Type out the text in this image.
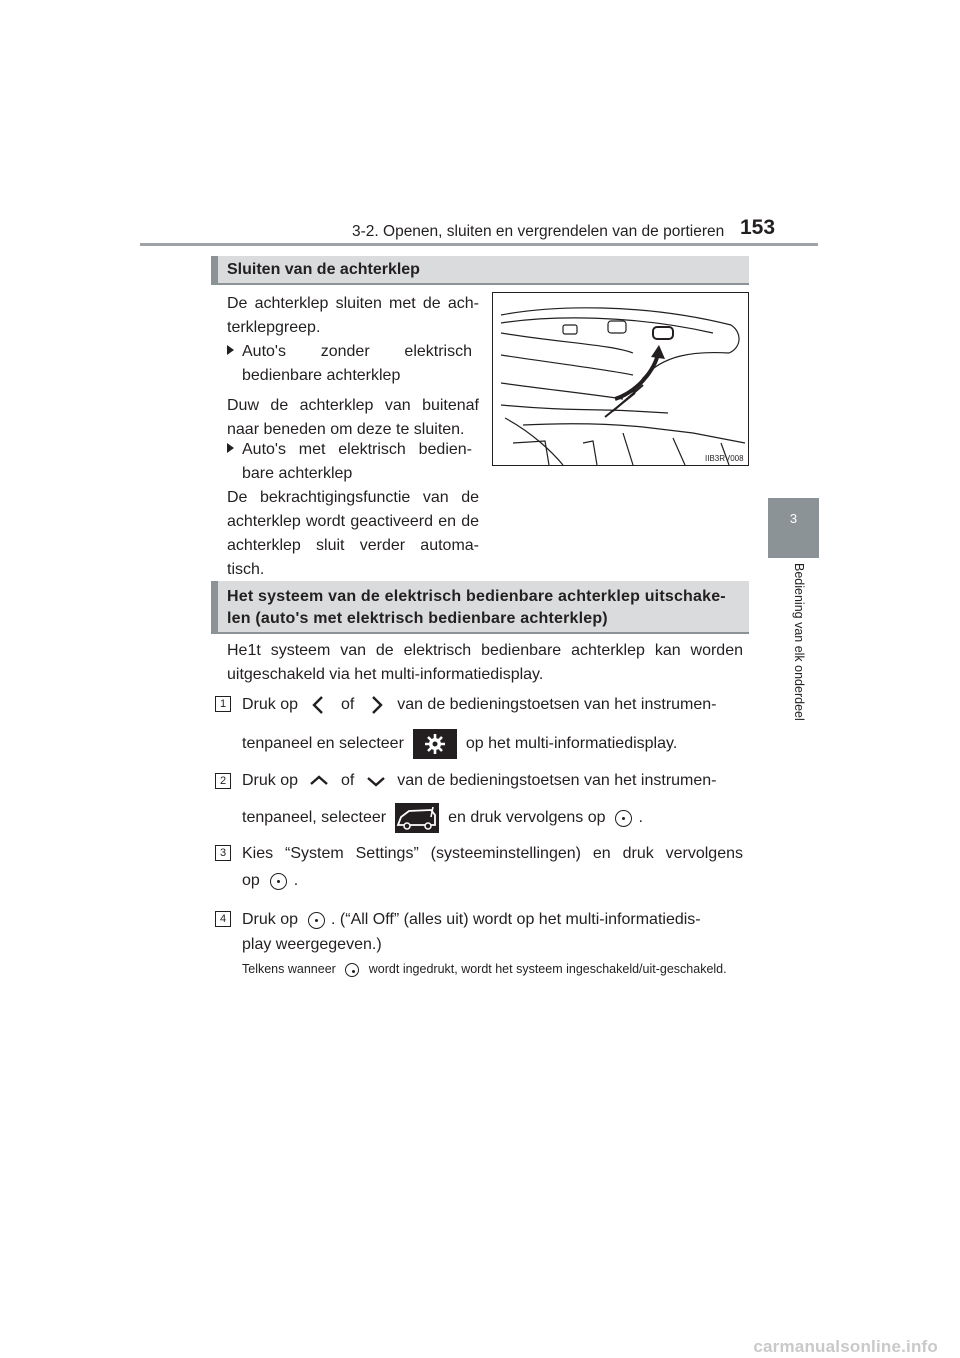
3-2. Openen, sluiten en vergrendelen van de portieren 153
3
Bediening van elk onderdeel
Sluiten van de achterklep
De achterklep sluiten met de ach-terklepgreep.
Auto's zonder elektrisch bedienbare achterklep
Duw de achterklep van buitenaf naar beneden om deze te sluiten.
Auto's met elektrisch bedien-bare achterklep
De bekrachtigingsfunctie van de achterklep wordt geactiveerd en de achterklep sluit verder automa-tisch.
IIB3RV008
Het systeem van de elektrisch bedienbare achterklep uitschake-
len (auto's met elektrisch bedienbare achterklep)
He1t systeem van de elektrisch bedienbare achterklep kan worden uitgeschakeld via het multi-informatiedisplay.
1 Druk op	of	van de bedieningstoetsen van het instrumen-
tenpaneel en selecteer	op het multi-informatiedisplay.
2 Druk op	of	van de bedieningstoetsen van het instrumen-
tenpaneel, selecteer	en druk vervolgens op .
3 Kies “System Settings” (systeeminstellingen) en druk vervolgens
op .
4 Druk op . (“All Off” (alles uit) wordt op het multi-informatiedis-
play weergegeven.)
Telkens wanneer	wordt ingedrukt, wordt het systeem ingeschakeld/uit-geschakeld.
carmanualsonline.info
